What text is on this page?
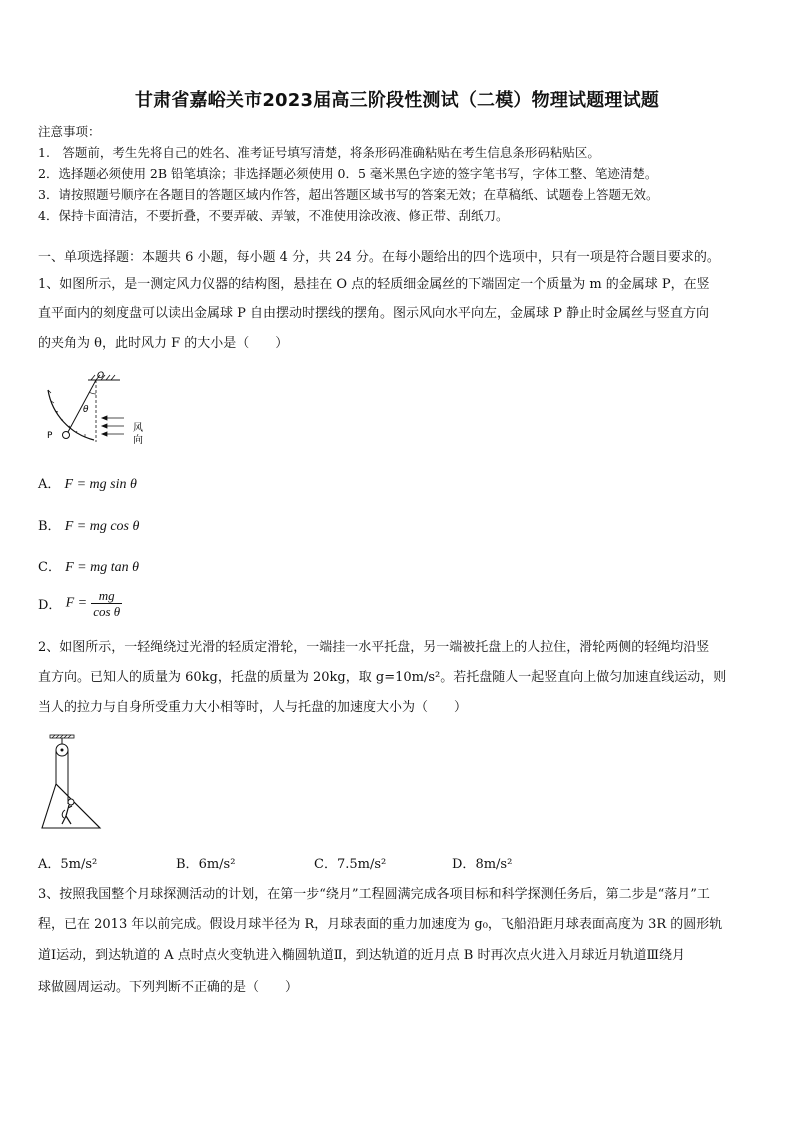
甘肃省嘉峪关市2023届高三阶段性测试（二模）物理试题理试题
注意事项：
1.　答题前，考生先将自己的姓名、准考证号填写清楚，将条形码准确粘贴在考生信息条形码粘贴区。
2．选择题必须使用 2B 铅笔填涂；非选择题必须使用 0．5 毫米黑色字迹的签字笔书写，字体工整、笔迹清楚。
3．请按照题号顺序在各题目的答题区域内作答，超出答题区域书写的答案无效；在草稿纸、试题卷上答题无效。
4．保持卡面清洁，不要折叠，不要弄破、弄皱，不准使用涂改液、修正带、刮纸刀。
一、单项选择题：本题共 6 小题，每小题 4 分，共 24 分。在每小题给出的四个选项中，只有一项是符合题目要求的。
1、如图所示，是一测定风力仪器的结构图，悬挂在 O 点的轻质细金属丝的下端固定一个质量为 m 的金属球 P，在竖
直平面内的刻度盘可以读出金属球 P 自由摆动时摆线的摆角。图示风向水平向左，金属球 P 静止时金属丝与竖直方向
的夹角为 θ，此时风力 F 的大小是（　　）
O
θ
P
风
向
A． F = mg sin θ
B． F = mg cos θ
C． F = mg tan θ
D． $F = \frac{mg}{\text{cos θ}}$
2、如图所示，一轻绳绕过光滑的轻质定滑轮，一端挂一水平托盘，另一端被托盘上的人拉住，滑轮两侧的轻绳均沿竖
直方向。已知人的质量为 60kg，托盘的质量为 20kg，取 g=10m/s²。若托盘随人一起竖直向上做匀加速直线运动，则
当人的拉力与自身所受重力大小相等时，人与托盘的加速度大小为（　　）
A．5m/s²	B．6m/s²	C．7.5m/s²	D．8m/s²
3、按照我国整个月球探测活动的计划，在第一步“绕月”工程圆满完成各项目标和科学探测任务后，第二步是“落月”工
程，已在 2013 年以前完成。假设月球半径为 R，月球表面的重力加速度为 g₀，飞船沿距月球表面高度为 3R 的圆形轨
道Ⅰ运动，到达轨道的 A 点时点火变轨进入椭圆轨道Ⅱ，到达轨道的近月点 B 时再次点火进入月球近月轨道Ⅲ绕月
球做圆周运动。下列判断不正确的是（　　）
